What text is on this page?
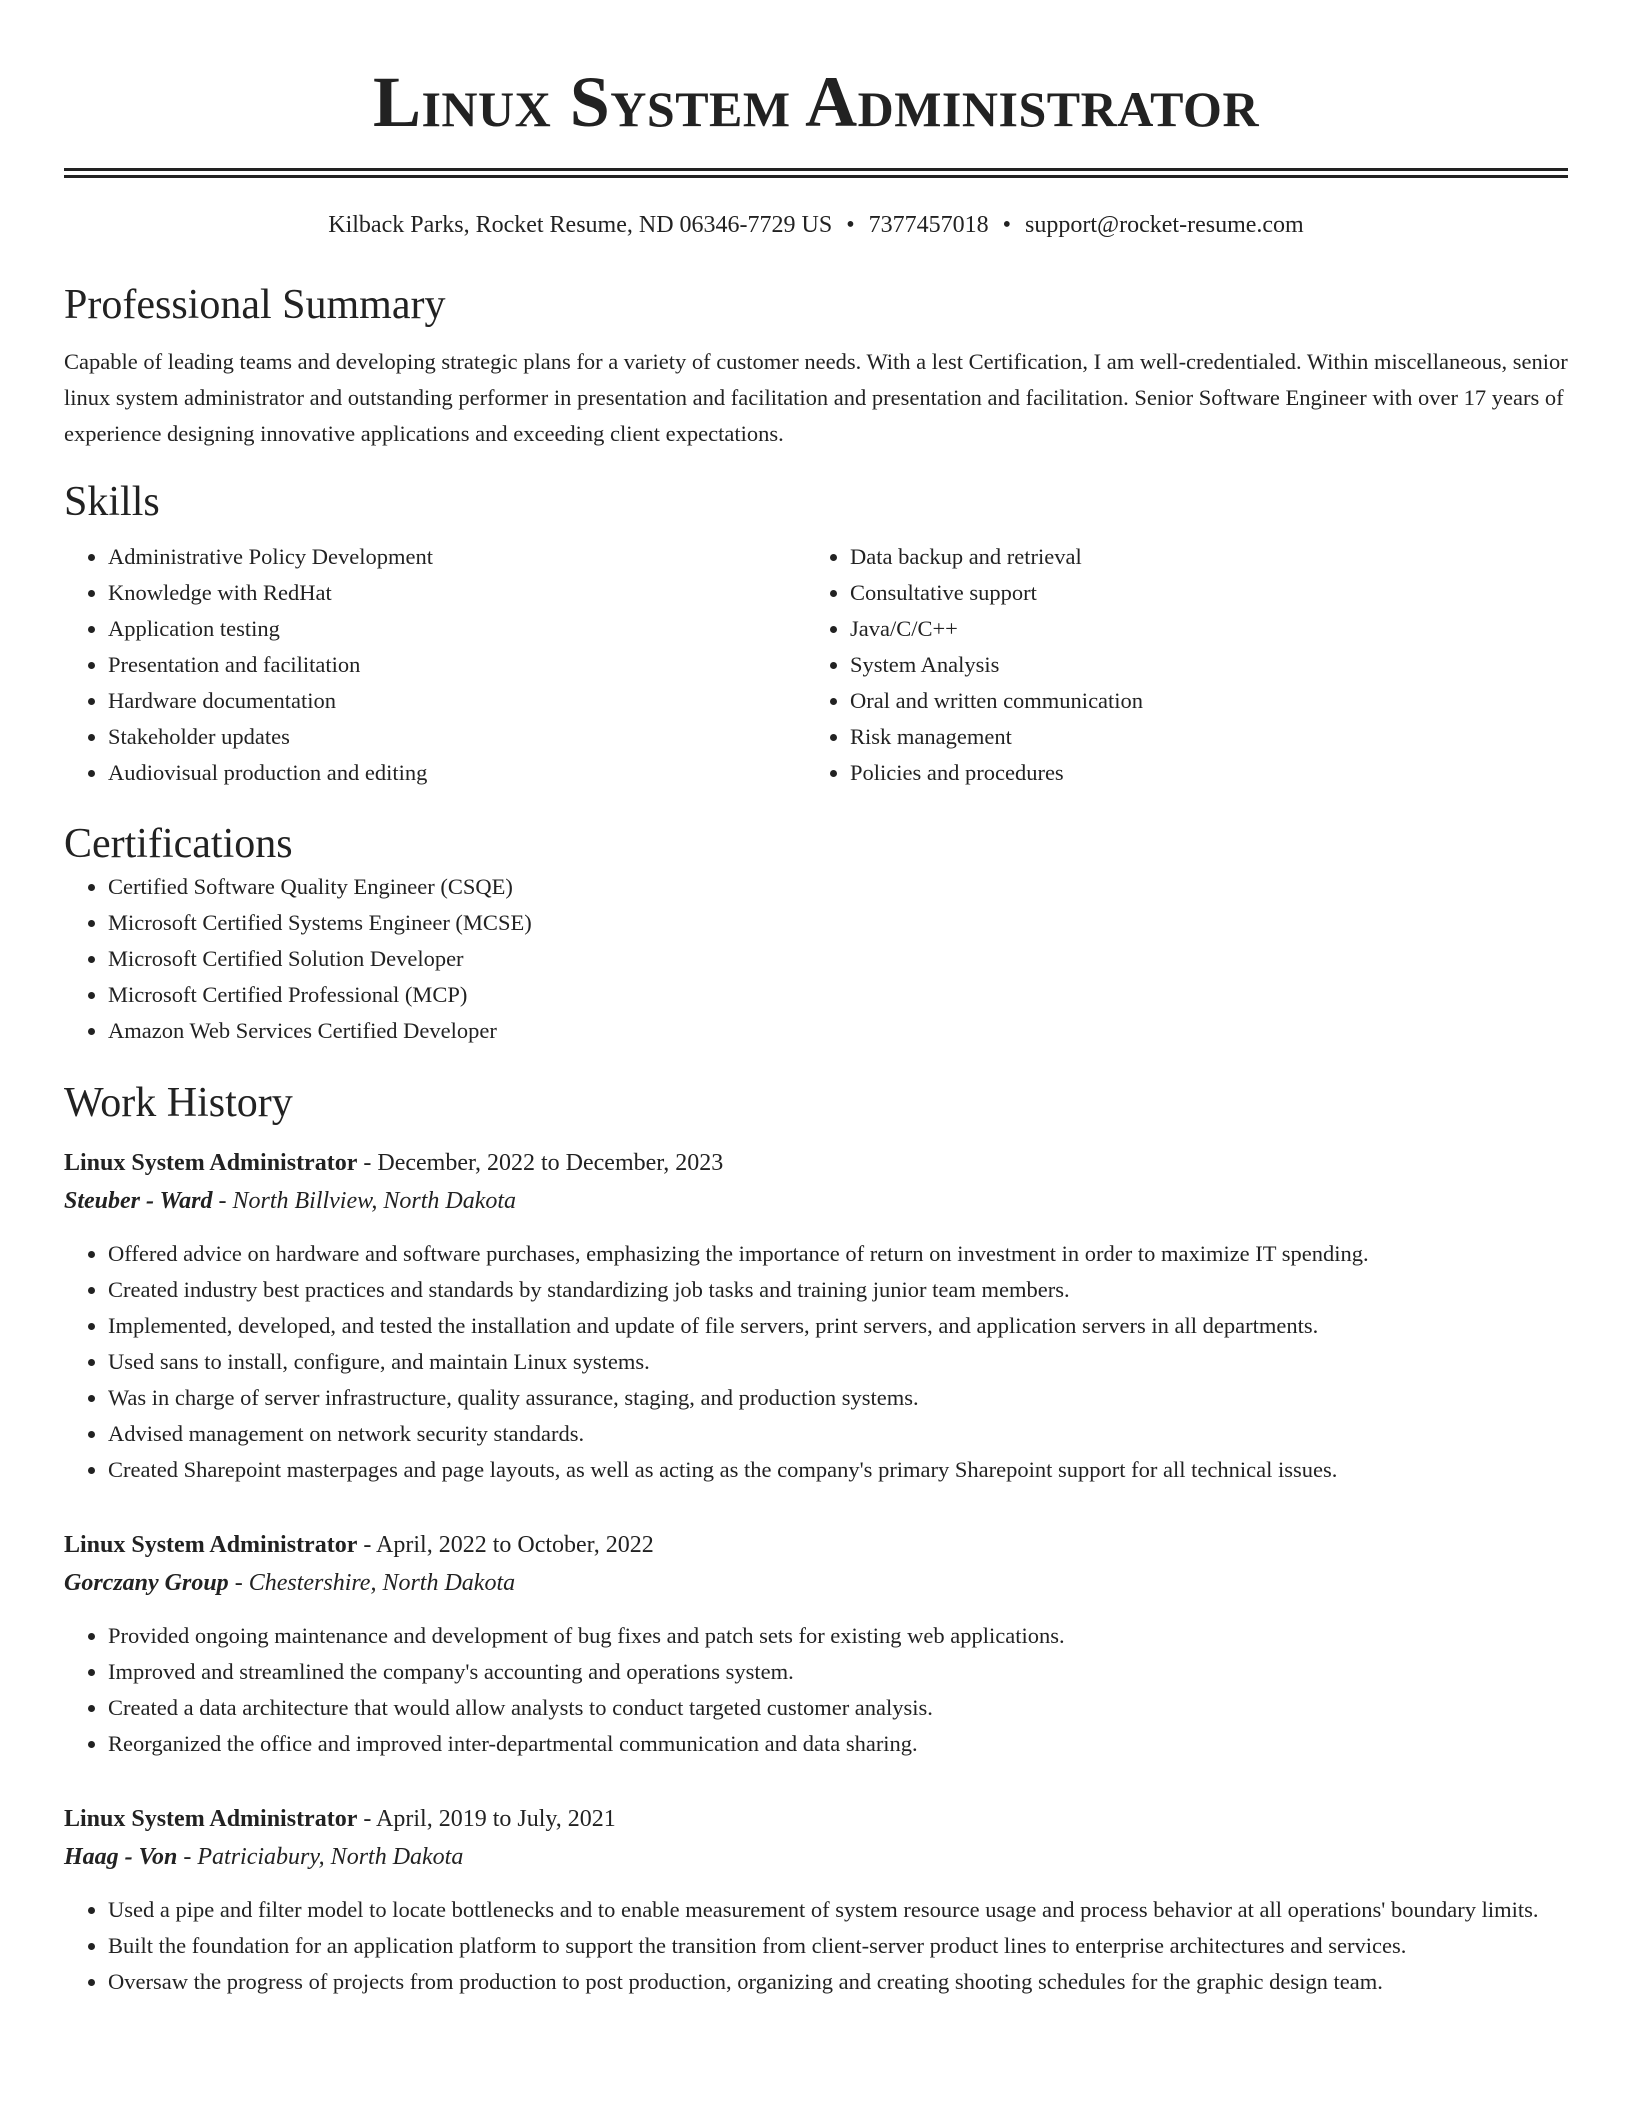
Linux System Administrator
Kilback Parks, Rocket Resume, ND 06346-7729 US • 7377457018 • support@rocket-resume.com
Professional Summary

Capable of leading teams and developing strategic plans for a variety of customer needs. With a lest Certification, I am well-credentialed. Within miscellaneous, senior linux system administrator and outstanding performer in presentation and facilitation and presentation and facilitation. Senior Software Engineer with over 17 years of experience designing innovative applications and exceeding client expectations.

Skills
• Administrative Policy Development
• Knowledge with RedHat
• Application testing
• Presentation and facilitation
• Hardware documentation
• Stakeholder updates
• Audiovisual production and editing
• Data backup and retrieval
• Consultative support
• Java/C/C++
• System Analysis
• Oral and written communication
• Risk management
• Policies and procedures
Certifications
• Certified Software Quality Engineer (CSQE)
• Microsoft Certified Systems Engineer (MCSE)
• Microsoft Certified Solution Developer
• Microsoft Certified Professional (MCP)
• Amazon Web Services Certified Developer
Work History
Linux System Administrator - December, 2022 to December, 2023
Steuber - Ward - North Billview, North Dakota
• Offered advice on hardware and software purchases, emphasizing the importance of return on investment in order to maximize IT spending.
• Created industry best practices and standards by standardizing job tasks and training junior team members.
• Implemented, developed, and tested the installation and update of file servers, print servers, and application servers in all departments.
• Used sans to install, configure, and maintain Linux systems.
• Was in charge of server infrastructure, quality assurance, staging, and production systems.
• Advised management on network security standards.
• Created Sharepoint masterpages and page layouts, as well as acting as the company's primary Sharepoint support for all technical issues.
Linux System Administrator - April, 2022 to October, 2022
Gorczany Group - Chestershire, North Dakota
• Provided ongoing maintenance and development of bug fixes and patch sets for existing web applications.
• Improved and streamlined the company's accounting and operations system.
• Created a data architecture that would allow analysts to conduct targeted customer analysis.
• Reorganized the office and improved inter-departmental communication and data sharing.
Linux System Administrator - April, 2019 to July, 2021
Haag - Von - Patriciabury, North Dakota
• Used a pipe and filter model to locate bottlenecks and to enable measurement of system resource usage and process behavior at all operations' boundary limits.
• Built the foundation for an application platform to support the transition from client-server product lines to enterprise architectures and services.
• Oversaw the progress of projects from production to post production, organizing and creating shooting schedules for the graphic design team.
